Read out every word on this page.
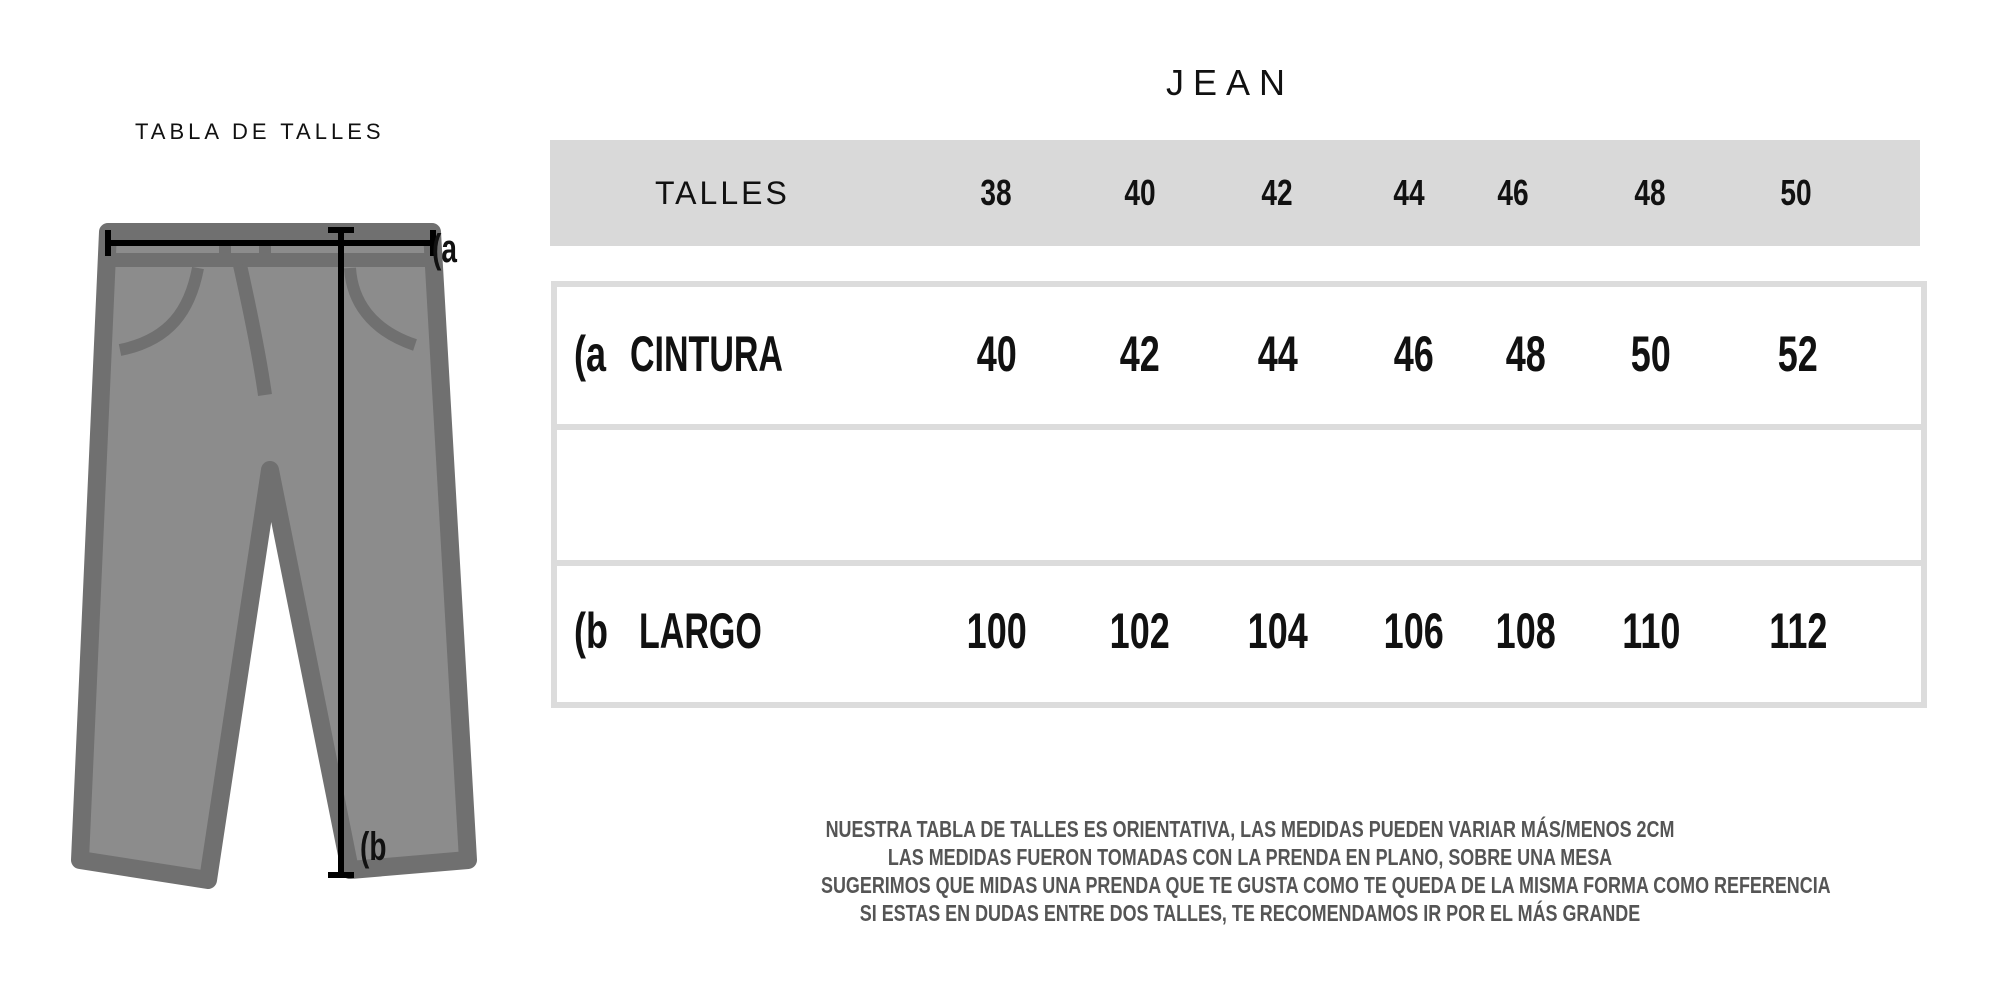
TABLA DE TALLES
(a
(b
JEAN
TALLES	38	40	42	44 46	48	50
(a CINTURA	40 42 44 46 48 50 52
(b LARGO	100 102 104 106 108 110 112
NUESTRA TABLA DE TALLES ES ORIENTATIVA, LAS MEDIDAS PUEDEN VARIAR MÁS/MENOS 2CM
LAS MEDIDAS FUERON TOMADAS CON LA PRENDA EN PLANO, SOBRE UNA MESA
SUGERIMOS QUE MIDAS UNA PRENDA QUE TE GUSTA COMO TE QUEDA DE LA MISMA FORMA COMO REFERENCIA
SI ESTAS EN DUDAS ENTRE DOS TALLES, TE RECOMENDAMOS IR POR EL MÁS GRANDE
